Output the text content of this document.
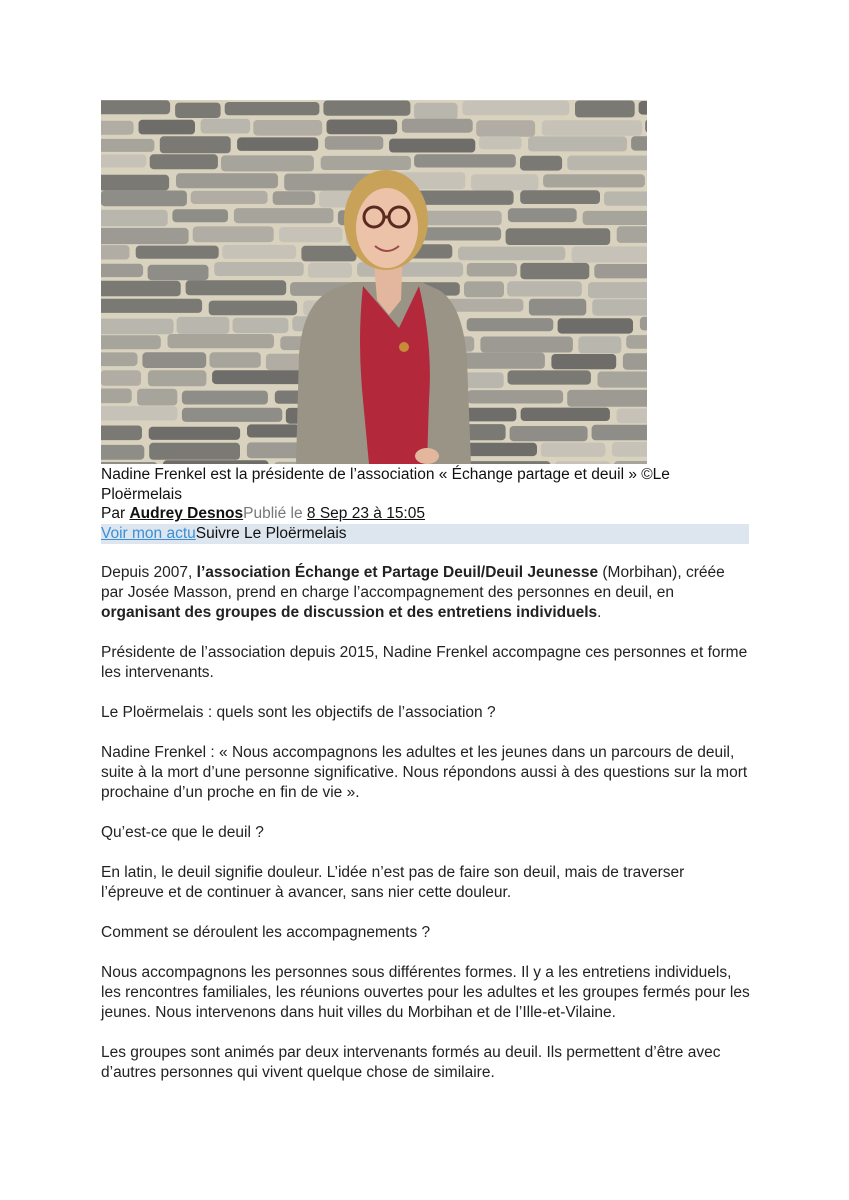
Nadine Frenkel est la présidente de l’association « Échange partage et deuil » ©Le Ploërmelais
Par Audrey DesnosPublié le 8 Sep 23 à 15:05
Voir mon actuSuivre Le Ploërmelais

Depuis 2007, l’association Échange et Partage Deuil/Deuil Jeunesse (Morbihan), créée par Josée Masson, prend en charge l’accompagnement des personnes en deuil, en organisant des groupes de discussion et des entretiens individuels.

Présidente de l’association depuis 2015, Nadine Frenkel accompagne ces personnes et forme les intervenants.

Le Ploërmelais : quels sont les objectifs de l’association ?

Nadine Frenkel : « Nous accompagnons les adultes et les jeunes dans un parcours de deuil, suite à la mort d’une personne significative. Nous répondons aussi à des questions sur la mort prochaine d’un proche en fin de vie ».

Qu’est-ce que le deuil ?

En latin, le deuil signifie douleur. L’idée n’est pas de faire son deuil, mais de traverser l’épreuve et de continuer à avancer, sans nier cette douleur.

Comment se déroulent les accompagnements ?

Nous accompagnons les personnes sous différentes formes. Il y a les entretiens individuels, les rencontres familiales, les réunions ouvertes pour les adultes et les groupes fermés pour les jeunes. Nous intervenons dans huit villes du Morbihan et de l’Ille-et-Vilaine.

Les groupes sont animés par deux intervenants formés au deuil. Ils permettent d’être avec d’autres personnes qui vivent quelque chose de similaire.
